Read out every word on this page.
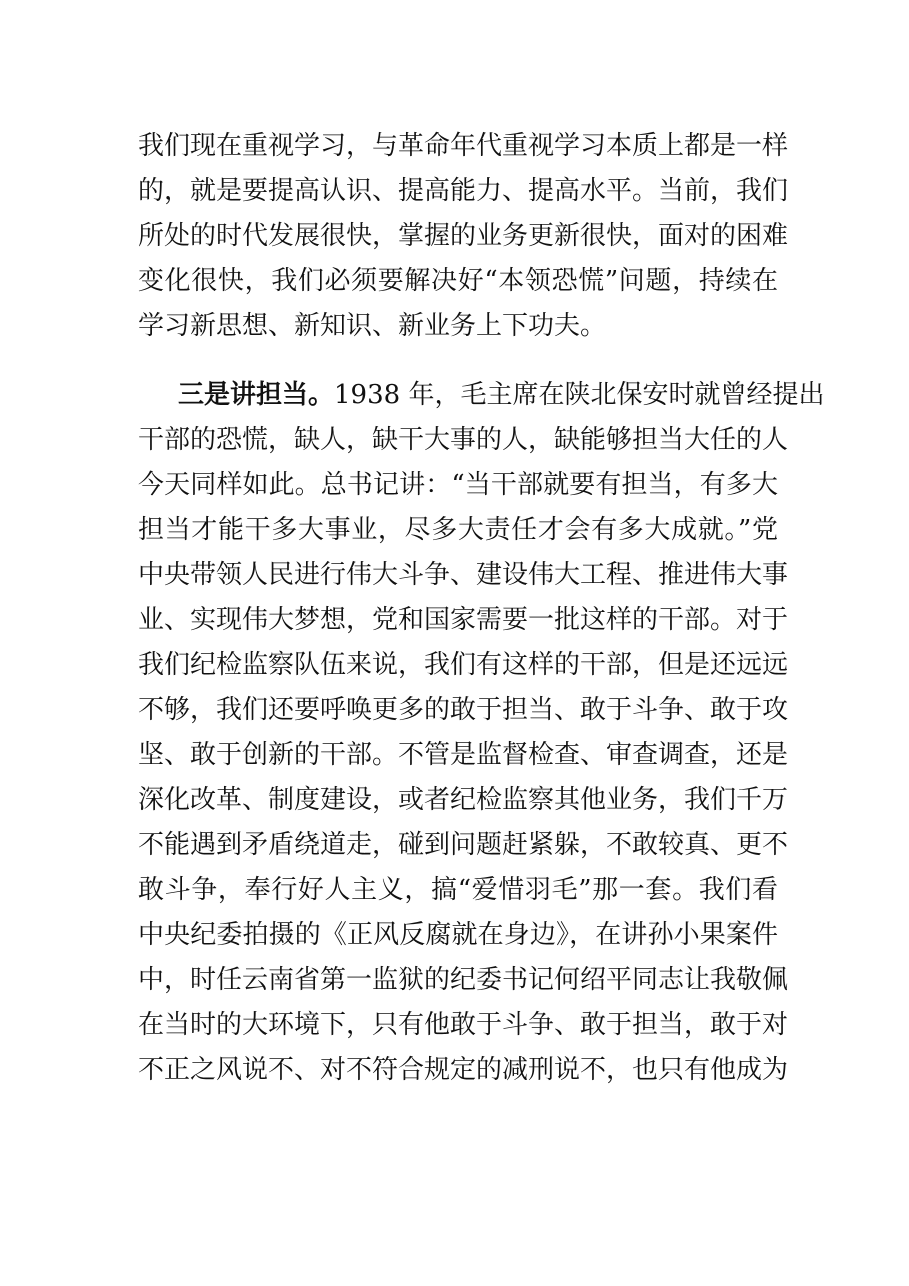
我们现在重视学习，与革命年代重视学习本质上都是一样
的，就是要提高认识、提高能力、提高水平。当前，我们
所处的时代发展很快，掌握的业务更新很快，面对的困难
变化很快，我们必须要解决好“本领恐慌”问题，持续在
学习新思想、新知识、新业务上下功夫。
三是讲担当。1938 年，毛主席在陕北保安时就曾经提出
干部的恐慌，缺人，缺干大事的人，缺能够担当大任的人
今天同样如此。总书记讲：“当干部就要有担当，有多大
担当才能干多大事业，尽多大责任才会有多大成就。”党
中央带领人民进行伟大斗争、建设伟大工程、推进伟大事
业、实现伟大梦想，党和国家需要一批这样的干部。对于
我们纪检监察队伍来说，我们有这样的干部，但是还远远
不够，我们还要呼唤更多的敢于担当、敢于斗争、敢于攻
坚、敢于创新的干部。不管是监督检查、审查调查，还是
深化改革、制度建设，或者纪检监察其他业务，我们千万
不能遇到矛盾绕道走，碰到问题赶紧躲，不敢较真、更不
敢斗争，奉行好人主义，搞“爱惜羽毛”那一套。我们看
中央纪委拍摄的《正风反腐就在身边》，在讲孙小果案件
中，时任云南省第一监狱的纪委书记何绍平同志让我敬佩
在当时的大环境下，只有他敢于斗争、敢于担当，敢于对
不正之风说不、对不符合规定的减刑说不，也只有他成为
